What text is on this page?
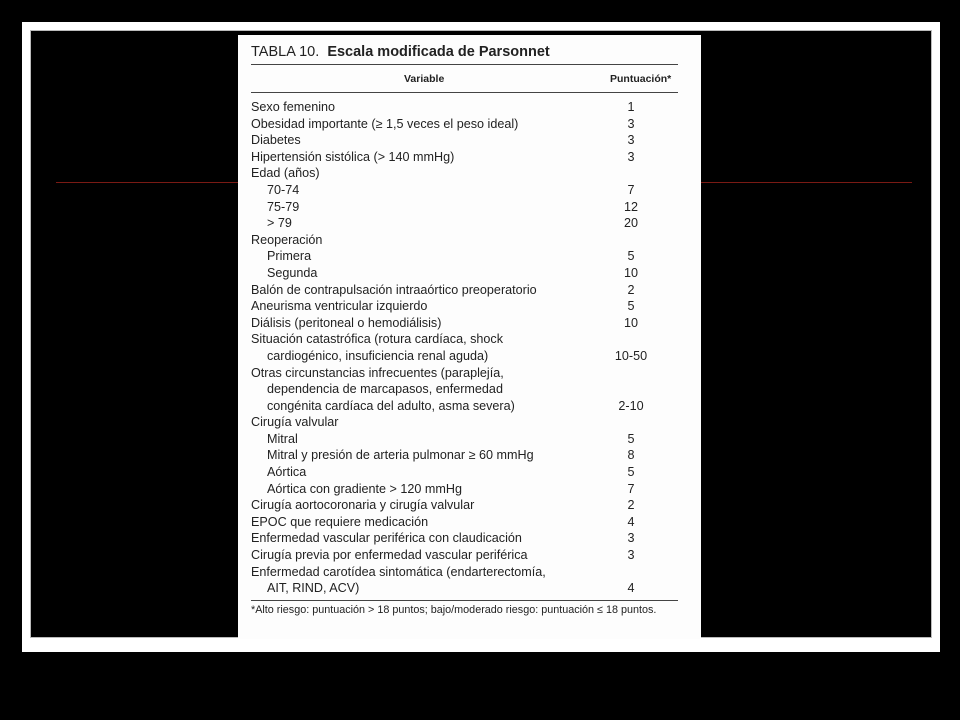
TABLA 10. Escala modificada de Parsonnet
Variable	Puntuación*
Sexo femenino	1
Obesidad importante (≥ 1,5 veces el peso ideal)	3
Diabetes	3
Hipertensión sistólica (> 140 mmHg)	3
Edad (años)
70-74	7
75-79	12
> 79	20
Reoperación
Primera	5
Segunda	10
Balón de contrapulsación intraaórtico preoperatorio	2
Aneurisma ventricular izquierdo	5
Diálisis (peritoneal o hemodiálisis)	10
Situación catastrófica (rotura cardíaca, shock
cardiogénico, insuficiencia renal aguda)	10-50
Otras circunstancias infrecuentes (paraplejía,
dependencia de marcapasos, enfermedad
congénita cardíaca del adulto, asma severa)	2-10
Cirugía valvular
Mitral	5
Mitral y presión de arteria pulmonar ≥ 60 mmHg	8
Aórtica	5
Aórtica con gradiente > 120 mmHg	7
Cirugía aortocoronaria y cirugía valvular	2
EPOC que requiere medicación	4
Enfermedad vascular periférica con claudicación	3
Cirugía previa por enfermedad vascular periférica	3
Enfermedad carotídea sintomática (endarterectomía,
AIT, RIND, ACV)	4
*Alto riesgo: puntuación > 18 puntos; bajo/moderado riesgo: puntuación ≤ 18 puntos.
